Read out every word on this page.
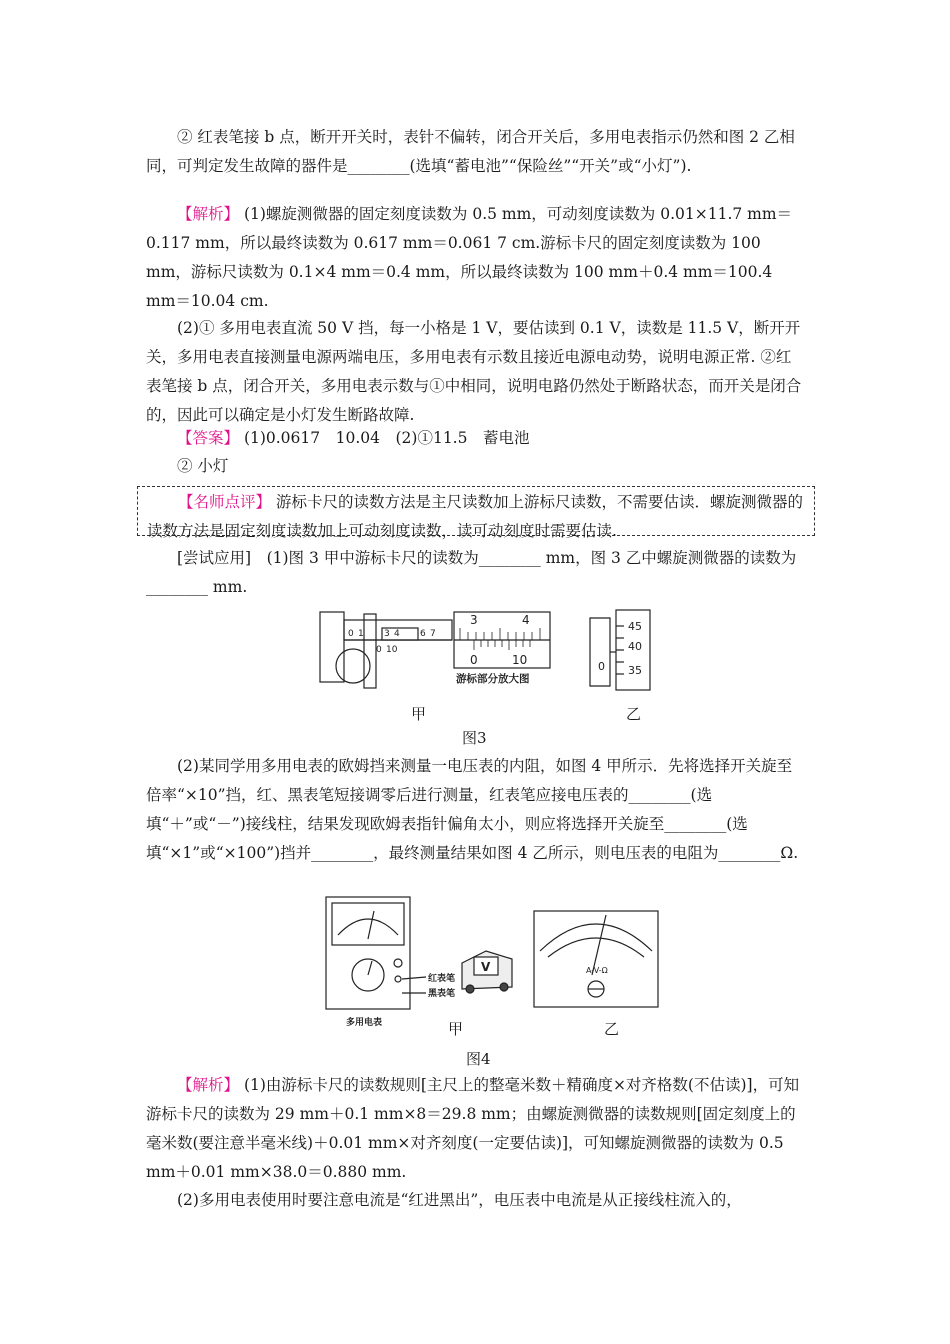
② 红表笔接 b 点，断开开关时，表针不偏转，闭合开关后，多用电表指示仍然和图 2 乙相同，可判定发生故障的器件是________(选填“蓄电池”“保险丝”“开关”或“小灯”).
【解析】 (1)螺旋测微器的固定刻度读数为 0.5 mm，可动刻度读数为 0.01×11.7 mm＝0.117 mm，所以最终读数为 0.617 mm＝0.061 7 cm.游标卡尺的固定刻度读数为 100 mm，游标尺读数为 0.1×4 mm＝0.4 mm，所以最终读数为 100 mm＋0.4 mm＝100.4 mm＝10.04 cm.
(2)① 多用电表直流 50 V 挡，每一小格是 1 V，要估读到 0.1 V，读数是 11.5 V，断开开关，多用电表直接测量电源两端电压，多用电表有示数且接近电源电动势，说明电源正常. ②红表笔接 b 点，闭合开关，多用电表示数与①中相同，说明电路仍然处于断路状态，而开关是闭合的，因此可以确定是小灯发生断路故障.
【答案】 (1)0.0617　10.04　(2)①11.5　蓄电池
② 小灯
【名师点评】 游标卡尺的读数方法是主尺读数加上游标尺读数，不需要估读．螺旋测微器的读数方法是固定刻度读数加上可动刻度读数，读可动刻度时需要估读.
[尝试应用]　(1)图 3 甲中游标卡尺的读数为________ mm，图 3 乙中螺旋测微器的读数为________ mm.
0 1 3 4 6 7
0 10
3	4
0	10
游标部分放大图
45
40
35
0
甲	乙
图3
(2)某同学用多用电表的欧姆挡来测量一电压表的内阻，如图 4 甲所示．先将选择开关旋至倍率“×10”挡，红、黑表笔短接调零后进行测量，红表笔应接电压表的________(选填“＋”或“－”)接线柱，结果发现欧姆表指针偏角太小，则应将选择开关旋至________(选填“×1”或“×100”)挡并________，最终测量结果如图 4 乙所示，则电压表的电阻为________Ω.
红表笔
黑表笔
多用电表
V	A-V-Ω
甲	乙
图4
【解析】 (1)由游标卡尺的读数规则[主尺上的整毫米数＋精确度×对齐格数(不估读)]，可知游标卡尺的读数为 29 mm＋0.1 mm×8＝29.8 mm；由螺旋测微器的读数规则[固定刻度上的毫米数(要注意半毫米线)＋0.01 mm×对齐刻度(一定要估读)]，可知螺旋测微器的读数为 0.5 mm＋0.01 mm×38.0＝0.880 mm.
(2)多用电表使用时要注意电流是“红进黑出”，电压表中电流是从正接线柱流入的，
